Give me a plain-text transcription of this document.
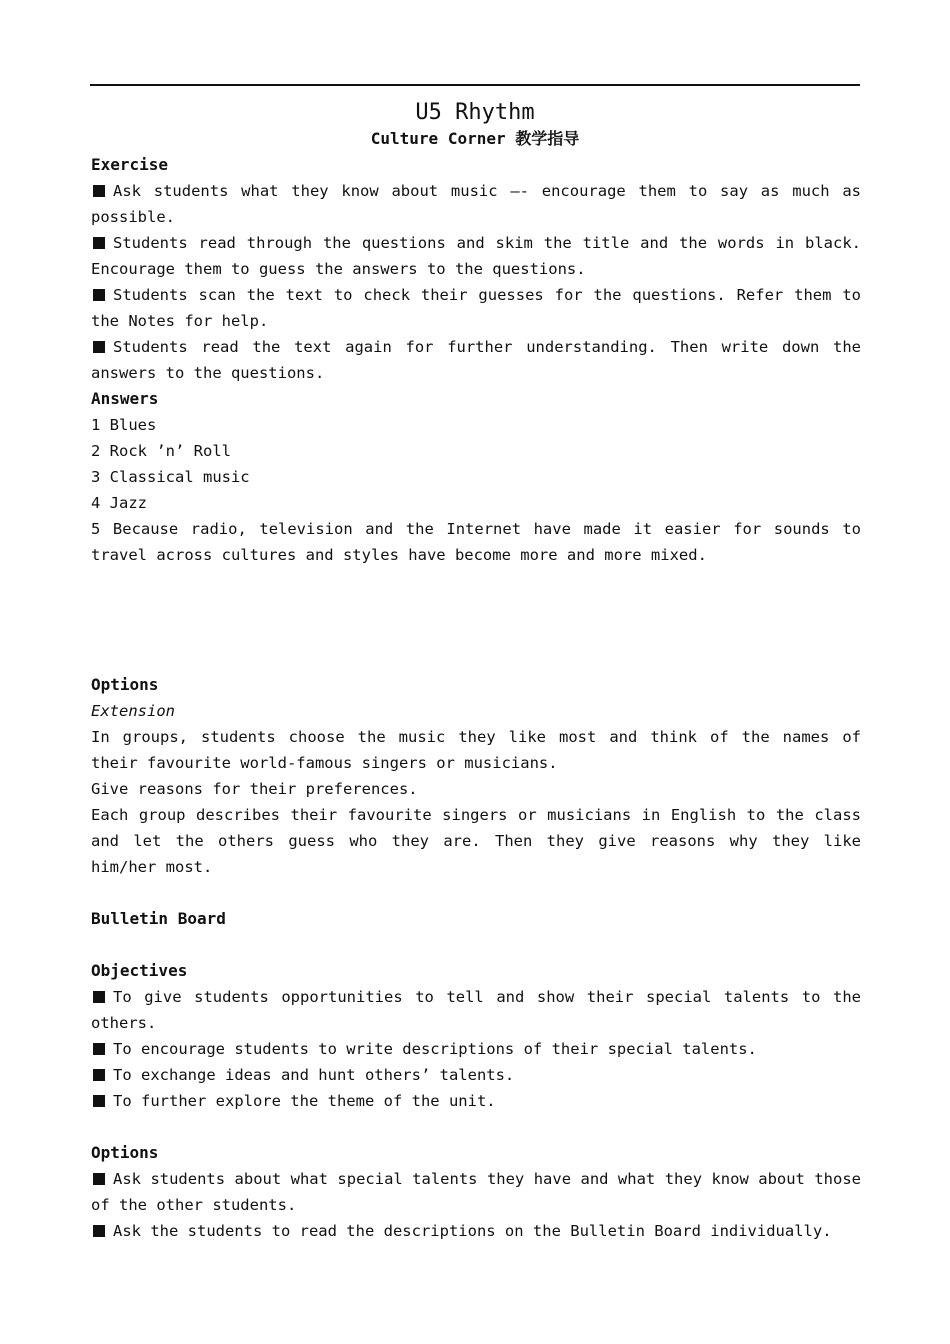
U5 Rhythm
Culture Corner 教学指导
Exercise
Ask students what they know about music —- encourage them to say as much as possible.
Students read through the questions and skim the title and the words in black. Encourage them to guess the answers to the questions.
Students scan the text to check their guesses for the questions. Refer them to the Notes for help.
Students read the text again for further understanding. Then write down the answers to the questions.
Answers
1 Blues
2 Rock ’n’ Roll
3 Classical music
4 Jazz
5 Because radio, television and the Internet have made it easier for sounds to travel across cultures and styles have become more and more mixed.
Options
Extension
In groups, students choose the music they like most and think of the names of their favourite world-famous singers or musicians.
Give reasons for their preferences.
Each group describes their favourite singers or musicians in English to the class and let the others guess who they are. Then they give reasons why they like him/her most.
Bulletin Board
Objectives
To give students opportunities to tell and show their special talents to the others.
To encourage students to write descriptions of their special talents.
To exchange ideas and hunt others’ talents.
To further explore the theme of the unit.
Options
Ask students about what special talents they have and what they know about those of the other students.
Ask the students to read the descriptions on the Bulletin Board individually.
